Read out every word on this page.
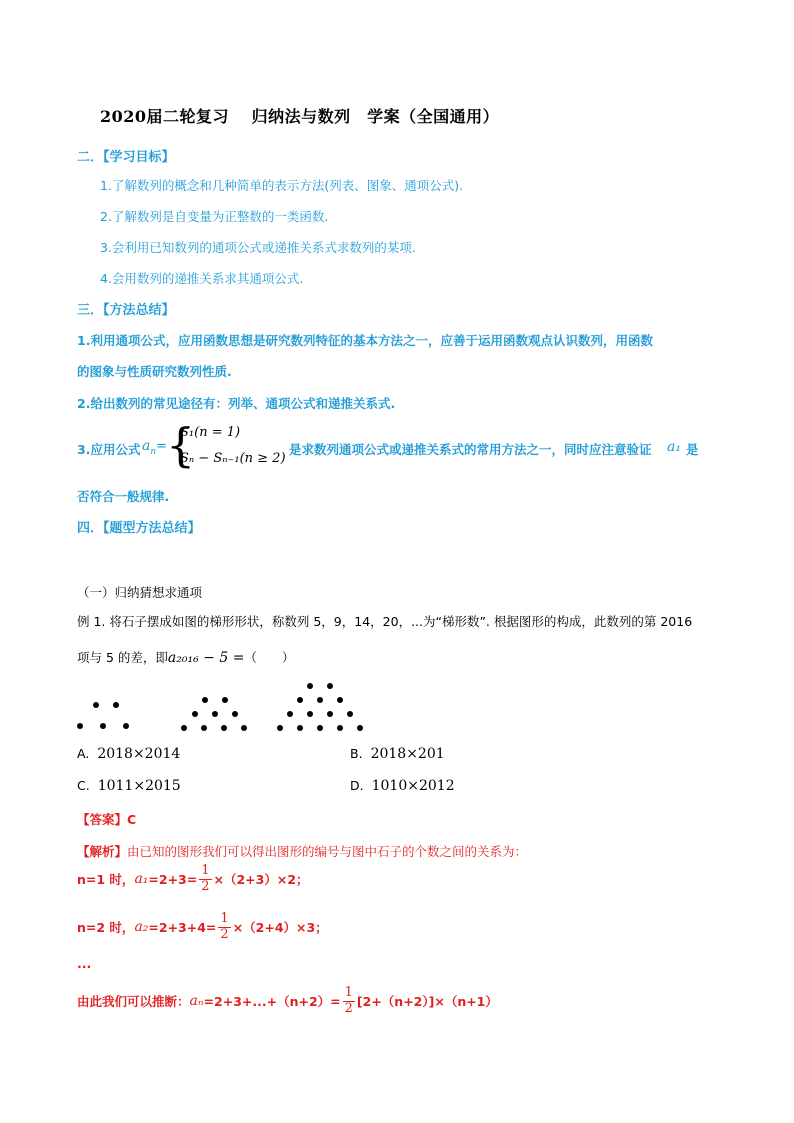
2020届二轮复习　 归纳法与数列　学案（全国通用）
二．【学习目标】
1.了解数列的概念和几种简单的表示方法(列表、图象、通项公式).
2.了解数列是自变量为正整数的一类函数.
3.会利用已知数列的通项公式或递推关系式求数列的某项.
4.会用数列的递推关系求其通项公式.
三．【方法总结】
1.利用通项公式，应用函数思想是研究数列特征的基本方法之一，应善于运用函数观点认识数列，用函数
的图象与性质研究数列性质.
2.给出数列的常见途径有：列举、通项公式和递推关系式.
3.应用公式 $a_n=$
{
S₁(n = 1)
Sₙ − Sₙ₋₁(n ≥ 2)
是求数列通项公式或递推关系式的常用方法之一，同时应注意验证 a₁ 是
否符合一般规律.
四．【题型方法总结】
（一）归纳猜想求通项
例 1. 将石子摆成如图的梯形形状，称数列 5，9，14，20，...为“梯形数”. 根据图形的构成，此数列的第 2016
项与 5 的差，即a₂₀₁₆ − 5 =（　　）
A. 2018×2014	B. 2018×201
C. 1011×2015	D. 1010×2012
【答案】C
【解析】由已知的图形我们可以得出图形的编号与图中石子的个数之间的关系为：
n=1 时， $a_1 =2+3= \frac{1}{2} \times(2+3)\times 2$；
n=2 时， $a_2 =2+3+4= \frac{1}{2} \times(2+4)\times 3$；
...
由此我们可以推断： $a_n =2+3+...+(n+2)= \frac{1}{2} [2+(n+2)]\times(n+1)$
